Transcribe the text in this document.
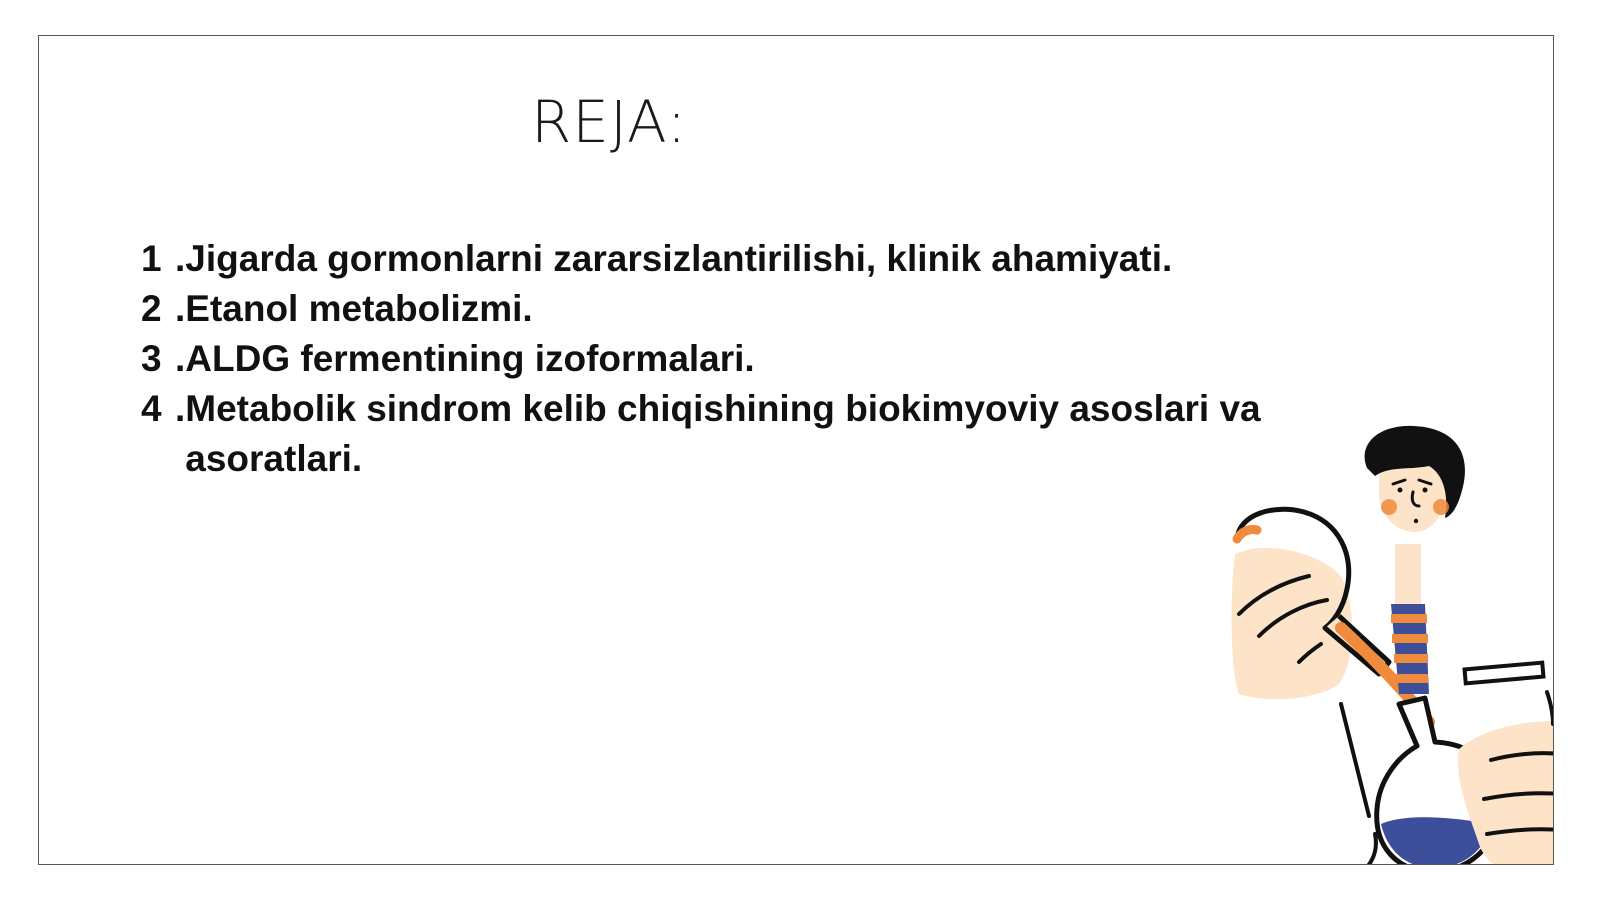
REJA:
1 . Jigarda gormonlarni zararsizlantirilishi, klinik ahamiyati.
2 . Etanol metabolizmi.
3 . ALDG fermentining izoformalari.
4 . Metabolik sindrom kelib chiqishining biokimyoviy asoslari va asoratlari.
